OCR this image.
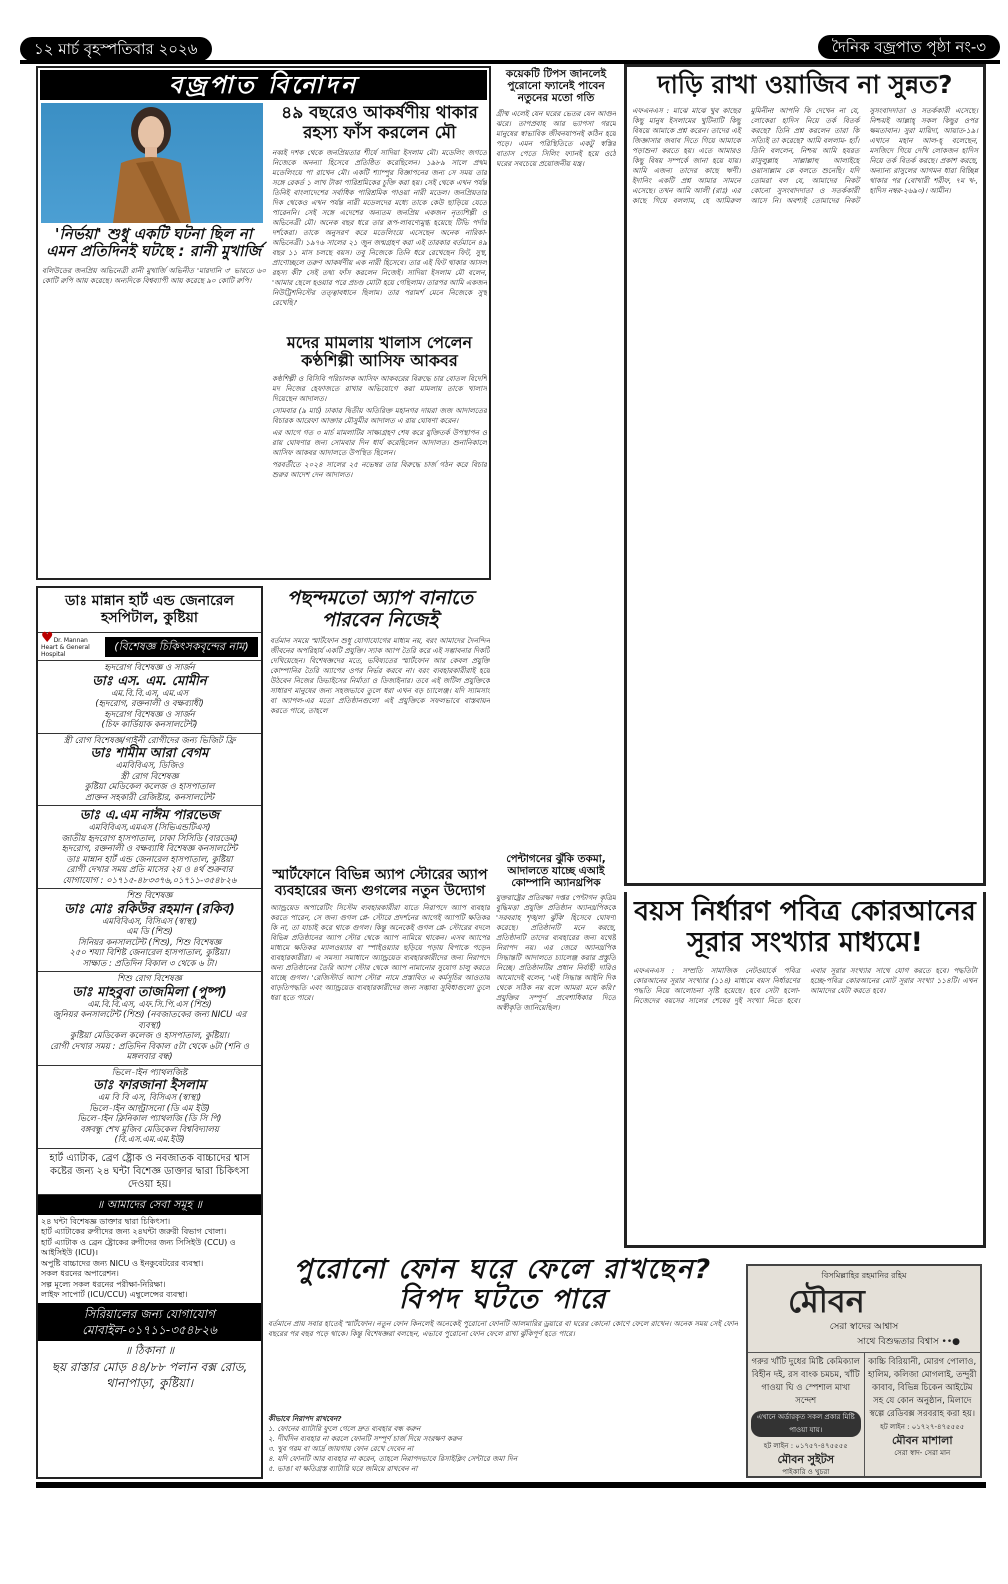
১২ মার্চ বৃহস্পতিবার ২০২৬	দৈনিক বজ্রপাত পৃষ্ঠা নং-৩
বজ্রপাত বিনোদন
'নির্ভয়া' শুধু একটি ঘটনা ছিল না এমন প্রতিদিনই ঘটছে : রানী মুখার্জি
বলিউডের জনপ্রিয় অভিনেত্রী রানী মুখার্জি অভিনীত 'মারদানি ৩' ভারতে ৬০ কোটি রুপি আয় করেছে। অন্যদিকে বিশ্বব্যাপী আয় করেছে ৯০ কোটি রুপি।
৪৯ বছরেও আকর্ষণীয় থাকার রহস্য ফাঁস করলেন মৌ
নব্বই দশক থেকে জনপ্রিয়তার শীর্ষে সাদিয়া ইসলাম মৌ। মডেলিং জগতে নিজেকে অনন্যা হিসেবে প্রতিষ্ঠিত করেছিলেন। ১৯৮৯ সালে প্রথম মডেলিংয়ে পা রাখেন মৌ। একটি শ্যাম্পুর বিজ্ঞাপনের জন্য সে সময় তার সঙ্গে রেকর্ড ১ লাখ টাকা পারিশ্রমিকের চুক্তি করা হয়। সেই থেকে এখন পর্যন্ত তিনিই বাংলাদেশের সর্বাধিক পারিশ্রমিক পাওয়া নারী মডেল। জনপ্রিয়তার দিক থেকেও এখন পর্যন্ত নারী মডেলদের মধ্যে তাকে কেউ ছাড়িয়ে যেতে পারেননি। সেই সঙ্গে এদেশের অন্যতম জনপ্রিয় একজন নৃত্যশিল্পী ও অভিনেত্রী মৌ। অনেক বছর ধরে তার রূপ-লাবণ্যেমুগ্ধ হয়েছে টিভি পর্দার দর্শকেরা। তাকে অনুসরণ করে মডেলিংয়ে এসেছেন অনেক নারিকা-অভিনেত্রী। ১৯৭৬ সালের ২১ জুন জন্মগ্রহণ করা এই তারকার বর্তমানে ৪৯ বছর ১১ মাস চলছে বয়স। তবু নিজেকে তিনি ধরে রেখেছেন ফিট, সুস্থ, প্রাণোচ্ছলে তরুণ আকর্ষণীয় এক নারী হিসেবে। তার এই ফিট থাকার আসল রহস্য কী? সেই তথ্য ফাঁস করলেন নিজেই। সাদিয়া ইসলাম মৌ বলেন, 'আমার ছেলে হওয়ার পরে প্রচণ্ড মোটা হয়ে গেছিলাম। তারপর আমি একজন নিউট্রিশনিস্টের তত্ত্বাবধানে ছিলাম। তার পরামর্শ মেনে নিজেকে সুস্থ রেখেছি।'
মদের মামলায় খালাস পেলেন কণ্ঠশিল্পী আসিফ আকবর

কণ্ঠশিল্পী ও বিসিবি পরিচালক আসিফ আকবরের বিরুদ্ধে চার বোতল বিদেশি মদ নিজের হেফাজতে রাখার অভিযোগে করা মামলায় তাকে খালাস দিয়েছেন আদালত।

সোমবার (৯ মার্চ) ঢাকার দ্বিতীয় অতিরিক্ত মহানগর দায়রা জজ আদালতের বিচারক আরেফা আক্তার মৌসুমীর আদালত এ রায় ঘোষণা করেন।

এর আগে গত ৩ মার্চ মামলাটির সাক্ষ্যগ্রহণ শেষ করে যুক্তিতর্ক উপস্থাপন ও রায় ঘোষণার জন্য সোমবার দিন ধার্য করেছিলেন আদালত। শুনানিকালে আসিফ আকবর আদালতে উপস্থিত ছিলেন।

পরবর্তীতে ২০২৪ সালের ২৫ নভেম্বর তার বিরুদ্ধে চার্জ গঠন করে বিচার শুরুর আদেশ দেন আদালত।

কয়েকটি টিপস জানলেই পুরোনো ফ্যানেই পাবেন নতুনের মতো গতি
গ্রীষ্ম এলেই যেন ঘরের ভেতর যেন আগুন ঝরে। তাপপ্রবাহ আর ভ্যাপসা গরমে মানুষের স্বাভাবিক জীবনযাপনই কঠিন হয়ে পড়ে। এমন পরিস্থিতিতে একটু স্বস্তির বাতাস পেতে সিলিং ফ্যানই হয়ে ওঠে ঘরের সবচেয়ে প্রয়োজনীয় যন্ত্র।
পেন্টাগনের ঝুঁকি তকমা, আদালতে যাচ্ছে এআই কোম্পানি অ্যানথ্রপিক
যুক্তরাষ্ট্রের প্রতিরক্ষা দপ্তর পেন্টাগন কৃত্রিম বুদ্ধিমত্তা প্রযুক্তি প্রতিষ্ঠান অ্যানথ্রপিককে 'সরবরাহ শৃঙ্খলা ঝুঁকি' হিসেবে ঘোষণা করেছে। প্রতিষ্ঠানটি মনে করছে, প্রতিষ্ঠানটি তাদের ব্যবহারের জন্য যথেষ্ট নিরাপদ নয়। এর জেরে অ্যানথ্রপিক সিদ্ধান্তটি আদালতে চ্যালেঞ্জ করার প্রস্তুতি নিচ্ছে। প্রতিষ্ঠানটির প্রধান নির্বাহী দারিও আমোদেই বলেন, 'এই সিদ্ধান্ত আইনি দিক থেকে সঠিক নয় বলে আমরা মনে করি।' প্রযুক্তির সম্পূর্ণ প্রবেশাধিকার দিতে অস্বীকৃতি জানিয়েছিল।
দাড়ি রাখা ওয়াজিব না সুন্নত?
এফএনএস : মাঝে মাঝে খুব কাছের কিছু মানুষ ইসলামের খুটিনাটি কিছু বিষয়ে আমাকে প্রশ্ন করেন। তাদের এই জিজ্ঞাসার জবাব দিতে গিয়ে আমাকে পড়াশুনা করতে হয়। এতে আমারও কিছু বিষয় সম্পর্কে জানা হয়ে যায়। আমি এজন্য তাদের কাছে ঋণী। ইদানিং একটি প্রশ্ন আমার সামনে এসেছে। তখন আমি আলী (রাঃ) এর কাছে গিয়ে বললাম, হে আমিরুল মুমিনীন! আপনি কি দেখেন না যে, লোকেরা হাদিস নিয়ে তর্ক বিতর্ক করছে? তিনি প্রশ্ন করলেন তারা কি সত্যিই তা করেছে? আমি বললাম- হ্যাঁ। তিনি বললেন, নিশ্চয় আমি হযরত রাসুলুল্লাহ সাল্লাল্লাহু আলাইহে ওয়াসাল্লাম কে বলতে শুনেছি। যদি তোমরা বল যে, আমাদের নিকট কোনো সুসংবাদদাতা ও সতর্ককারী আসে নি। অবশ্যই তোমাদের নিকট সুসংবাদদাতা ও সতর্ককারী এসেছে। নিশ্চয়ই আল্লাহ্‌ সকল কিছুর ওপর ক্ষমতাবান। সুরা মায়িদা, আয়াত-১৯। এখানে মহান আল-হ্ বলেছেন, মসজিদে গিয়ে দেখি লোকজন হাদিস নিয়ে তর্ক বিতর্ক করছে। প্রকাশ করছে, অন্যান্য রাসুলের আগমন ধারা বিচ্ছিন্ন থাকার পর (বোখারী শরীফ, ৭ম খ-, হাদিস নম্বর-২৬৯০)। আমীন।
বয়স নির্ধারণ পবিত্র কোরআনের সূরার সংখ্যার মাধ্যমে!
এফএনএস : সম্প্রতি সামাজিক নেটওয়ার্কে পবিত্র কোরআনের সূরার সংখ্যার (১১৪) মাধ্যমে বয়স নির্ধারণের পদ্ধতি নিয়ে আলোচনা সৃষ্টি হয়েছে। হবে সেটা হলো- নিজেদের বয়সের সালের শেষের দুই সংখ্যা নিতে হবে। এবার সূরার সংখ্যার সাথে যোগ করতে হবে। পদ্ধতিটা হচ্ছে-পবিত্র কোরআনের মোট সূরার সংখ্যা ১১৪টি। এখন আমাদের যেটা করতে হবে।
ডাঃ মান্নান হার্ট এন্ড জেনারেল হসপিটাল, কুষ্টিয়া
♥Dr. Mannan Heart & General Hospital
(বিশেষজ্ঞ চিকিৎসকবৃন্দের নাম)
হৃদরোগ বিশেষজ্ঞ ও সার্জন
ডাঃ এস. এম. মোমীন
এম.বি.বি.এস, এম.এস
(হৃদরোগ, রক্তনালী ও বক্ষব্যাধী)
হৃদরোগ বিশেষজ্ঞ ও সার্জন
(চিফ কার্ডিয়াক কনসালটেন্ট)
স্ত্রী রোগ বিশেষজ্ঞ/গাইনী রোগীদের জন্য ভিজিট ফ্রি
ডাঃ শামীম আরা বেগম
এমবিবিএস, ডিজিও
স্ত্রী রোগ বিশেষজ্ঞ
কুষ্টিয়া মেডিকেল কলেজ ও হাসপাতাল
প্রাক্তন সহকারী রেজিষ্টার, কনসালটেন্ট
ডাঃ এ.এম নাঈম পারভেজ
এমবিবিএস,এমএস (সিভিএন্ডটিএস)
জাতীয় হৃদরোগ হাসপাতাল, ঢাকা সিসিডি (বারডেম)
হৃদরোগ, রক্তনালী ও বক্ষব্যাধি বিশেষজ্ঞ কনসালটেন্ট
ডাঃ মান্নান হার্ট এন্ড জেনারেল হাসপাতাল, কুষ্টিয়া
রোগী দেখার সময় প্রতি মাসের ২য় ও ৪র্থ শুক্রবার
যোগাযোগ : ০১৭১৫-৪৮৩৩৭৬,০১৭১১-৩৫৪৮২৬
শিশু বিশেষজ্ঞ
ডাঃ মোঃ রকিউর রহমান (রকিব)
এমবিবিএস, বিসিএস (স্বাস্থ্য)
এম ডি (শিশু)
সিনিয়র কনসালটেন্ট (শিশু), শিশু বিশেষজ্ঞ
২৫০ শয্যা বিশিষ্ট জেনারেল হাসপাতাল, কুষ্টিয়া।
সাক্ষাত : প্রতিদিন বিকাল ৩ থেকে ৬ টা।
শিশু রোগ বিশেষজ্ঞ
ডাঃ মাহবুবা তাজমিলা (পুষ্প)
এম.বি.বি.এস, এফ.সি.পি.এস (শিশু)
জুনিয়র কনসালটেন্ট (শিশু) (নবজাতকের জন্য NICU এর ব্যবস্থা)
কুষ্টিয়া মেডিকেল কলেজ ও হাসপাতাল, কুষ্টিয়া।
রোগী দেখার সময় : প্রতিদিন বিকাল ৫টা থেকে ৬টা (শনি ও মঙ্গলবার বন্ধ)
ভিলে-াইন প্যাথলজিষ্ট
ডাঃ ফারজানা ইসলাম
এম বি বি এস, বিসিএস (স্বাস্থ্য)
ভিলে-াইন আল্ট্রাসনো (ডি এম ইউ)
ভিলে-াইন ক্লিনিকাল প্যাথলজি (ডি সি পি)
বঙ্গবন্ধু শেখ মুজিব মেডিকেল বিশ্ববিদ্যালয়
(বি.এস.এম.এম.ইউ)
হার্ট এ্যাটাক, ব্রেণ ষ্ট্রোক ও নবজাতক বাচ্চাদের শ্বাস কষ্টের জন্য ২৪ ঘন্টা বিশেজ্ঞ ডাক্তার দ্বারা চিকিৎসা দেওয়া হয়।
॥ আমাদের সেবা সমূহ ॥
২৪ ঘন্টা বিশেষজ্ঞ ডাক্তার দ্বারা চিকিৎসা।
হার্ট এ্যাটাকের রুগীদের জন্য ২৪ঘন্টা জরুরী বিভাগ খোলা।
হার্ট এ্যাটাক ও ব্রেন ষ্ট্রোকের রুগীদের জন্য সিসিইউ (CCU) ও আইসিইউ (ICU)।
অপুষ্টি বাচ্চাদের জন্য NICU ও ইনকুবেটরের ব্যবস্থা।
সকল ধরনের অপারেশন।
সল্প মূল্যে সকল ধরনের পরীক্ষা-নিরিক্ষা।
লাইফ সাপোর্ট (ICU/CCU) এম্বুলেন্সের ব্যবস্থা।
সিরিয়ালের জন্য যোগাযোগ
মোবাইল-০১৭১১-৩৫৪৮২৬
॥ ঠিকানা ॥
ছয় রাস্তার মোড় ৪৪/৮৮ পলান বক্স রোড, থানাপাড়া, কুষ্টিয়া।
পছন্দমতো অ্যাপ বানাতে পারবেন নিজেই
বর্তমান সময়ে স্মার্টফোন শুধু যোগাযোগের মাধ্যম নয়, বরং আমাদের দৈনন্দিন জীবনের অপরিহার্য একটি প্রযুক্তি। স্যাক অ্যাপ তৈরি করে এই সম্ভাবনার দিকটি দেখিয়েছেন। বিশেষজ্ঞদের মতে, ভবিষ্যতের স্মার্টফোন আর কেবল প্রযুক্তি কোম্পানির তৈরি অ্যাপের ওপর নির্ভর করবে না। বরং ব্যবহারকারীরাই হয়ে উঠবেন নিজের ডিভাইসের নির্মাতা ও ডিজাইনার। তবে এই জটিল প্রযুক্তিকে সাধারণ মানুষের জন্য সহজভাবে তুলে ধরা এখন বড় চ্যালেঞ্জ। যদি স্যামসাং বা অ্যাপল-এর মতো প্রতিষ্ঠানগুলো এই প্রযুক্তিকে সফলভাবে বাস্তবায়ন করতে পারে, তাহলে
স্মার্টফোনে বিভিন্ন অ্যাপ স্টোরের অ্যাপ ব্যবহারের জন্য গুগলের নতুন উদ্যোগ
অ্যান্ড্রয়েড অপারেটিং সিস্টেম ব্যবহারকারীরা যাতে নিরাপদে অ্যাপ ব্যবহার করতে পারেন, সে জন্য গুগল প্লে- স্টোরে প্রদর্শনের আগেই অ্যাপটি ক্ষতিকর কি না, তা যাচাই করে থাকে গুগল। কিন্তু অনেকেই গুগল প্লে- স্টোরের বদলে বিভিন্ন প্রতিষ্ঠানের অ্যাপ স্টোর থেকে অ্যাপ নামিয়ে থাকেন। এসব অ্যাপের মাধ্যমে ক্ষতিকর ম্যালওয়্যার বা স্পাইওয়্যার ছড়িয়ে পড়ায় বিপাকে পড়েন ব্যবহারকারীরা। এ সমস্যা সমাধানে অ্যান্ড্রয়েড ব্যবহারকারীদের জন্য নিরাপদে অন্য প্রতিষ্ঠানের তৈরি অ্যাপ স্টোর থেকে অ্যাপ নামানোর সুযোগ চালু করতে যাচ্ছে গুগল। 'রেজিস্টার্ড অ্যাপ স্টোর' নামে প্রস্তাবিত এ কর্মসূচির আওতায় বাড়তিপদ্ধতি এবং অ্যান্ড্রয়েড ব্যবহারকারীদের জন্য সম্ভাব্য সুবিধাগুলো তুলে ধরা হতে পারে।
পুরোনো ফোন ঘরে ফেলে রাখছেন? বিপদ ঘটতে পারে
বর্তমানে প্রায় সবার হাতেই স্মার্টফোন। নতুন ফোন কিনলেই অনেকেই পুরোনো ফোনটি আলমারির ড্রয়ারে বা ঘরের কোনো কোণে ফেলে রাখেন। অনেক সময় সেই ফোন বছরের পর বছর পড়ে থাকে। কিন্তু বিশেষজ্ঞরা বলছেন, এভাবে পুরোনো ফোন ফেলে রাখা ঝুঁকিপূর্ণ হতে পারে।
কীভাবে নিরাপদ রাখবেন?
১. ফোনের ব্যাটারি ফুলে গেলে দ্রুত ব্যবহার বন্ধ করুন
২. দীর্ঘদিন ব্যবহার না করলে ফোনটি সম্পূর্ণ চার্জ দিয়ে সংরক্ষণ করুন
৩. খুব গরম বা আর্দ্র জায়গায় ফোন রেখে দেবেন না
৪. যদি ফোনটি আর ব্যবহার না করেন, তাহলে নিরাপদভাবে রিসাইক্লিং সেন্টারে জমা দিন
৫. ভাঙা বা ক্ষতিগ্রস্ত ব্যাটারি ঘরে জমিয়ে রাখবেন না
বিসমিল্লাহির রহমানির রহিম
মৌবন
সেরা স্বাদের আশ্বাস
সাথে বিশুদ্ধতার বিশ্বাস ••●
গরুর খাঁটি দুধের মিষ্টি কেমিক্যাল বিহীন দই, রস বাংক চমচম, খাঁটি গাওয়া ঘি ও স্পেশাল মাখা সন্দেশ
এখানে অর্ডারকৃত সকল প্রকার মিষ্টি পাওয়া যায়।
হট লাইন : ০১৭৫৭-৪৭৫৫৫৫
মৌবন সুইটস
পাইকারি ও খুচরা
কাচ্চি বিরিয়ানী, মোরগ পোলাও, হালিম, কলিজা মোগলাই, তন্দুরী কাবাব, বিভিন্ন চিকেন আইটেম সহ যে কোন অনুষ্ঠান, মিলাদে স্বল্পে রেডিবক্স সরবরাহ করা হয়।
হট লাইন : ০১৭২৭-৪৭৫৫৫৫
মৌবন মাশালা
সেরা স্বাদ- সেরা মান
